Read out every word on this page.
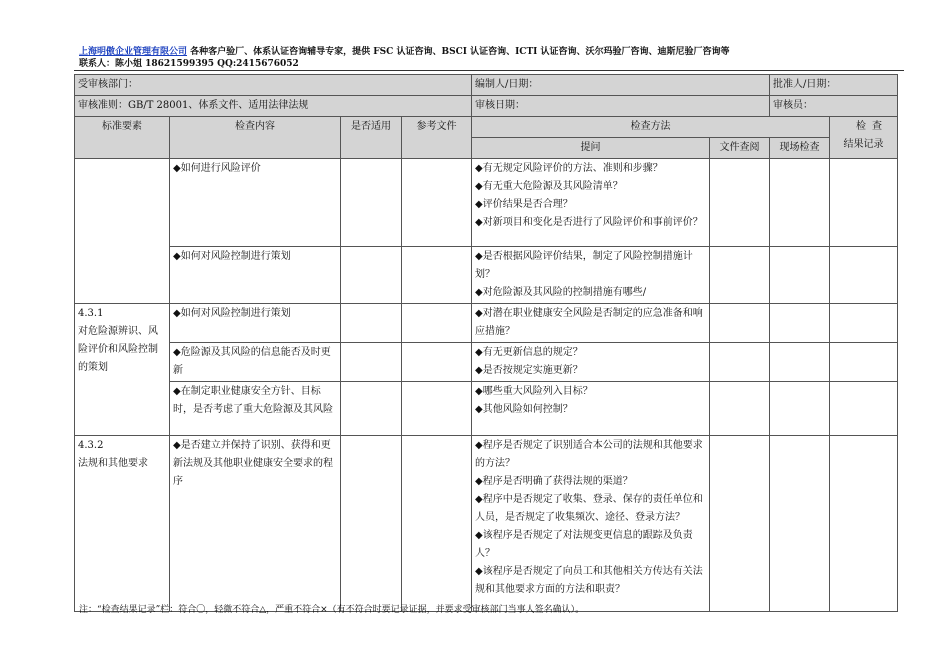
上海明傲企业管理有限公司 各种客户验厂、体系认证咨询辅导专家，提供 FSC 认证咨询、BSCI 认证咨询、ICTI 认证咨询、沃尔玛验厂咨询、迪斯尼验厂咨询等
联系人：陈小姐 18621599395 QQ:2415676052
受审核部门：				编制人/日期：		批准人/日期：	
审核准则：GB/T 28001、体系文件、适用法律法规				审核日期：		审核员：	
标准要素	检查内容	是否适用	参考文件	检查方法			检查
结果记录

				提问	文件查阅	现场检查	

	◆如何进行风险评价			◆有无规定风险评价的方法、准则和步骤？
◆有无重大危险源及其风险清单？
◆评价结果是否合理？
◆对新项目和变化是否进行了风险评价和事前评价？			

	◆如何对风险控制进行策划			◆是否根据风险评价结果，制定了风险控制措施计划？
◆对危险源及其风险的控制措施有哪些/			

4.3.1
对危险源辨识、风险评价和风险控制的策划	◆如何对风险控制进行策划			◆对潜在职业健康安全风险是否制定的应急准备和响应措施？			

	◆危险源及其风险的信息能否及时更新			◆有无更新信息的规定？
◆是否按规定实施更新？			

	◆在制定职业健康安全方针、目标时，是否考虑了重大危险源及其风险			◆哪些重大风险列入目标？
◆其他风险如何控制？			

4.3.2
法规和其他要求	◆是否建立并保持了识别、获得和更新法规及其他职业健康安全要求的程序			◆程序是否规定了识别适合本公司的法规和其他要求的方法？
◆程序是否明确了获得法规的渠道？
◆程序中是否规定了收集、登录、保存的责任单位和人员，是否规定了收集频次、途径、登录方法？
◆该程序是否规定了对法规变更信息的跟踪及负责人？
◆该程序是否规定了向员工和其他相关方传达有关法规和其他要求方面的方法和职责？			

注：“检查结果记录”栏：符合〇，轻微不符合△，严重不符合×（有不符合时要记录证据，并要求受审核部门当事人签名确认）。
